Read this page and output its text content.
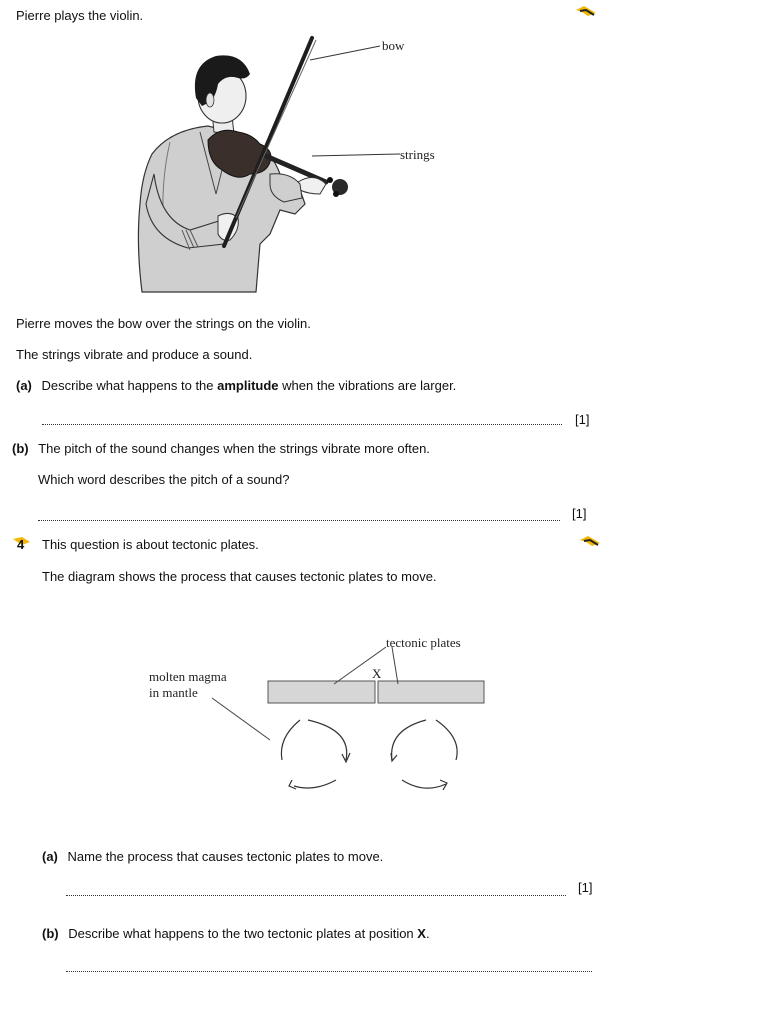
Pierre plays the violin.
bow
strings
Pierre moves the bow over the strings on the violin.
The strings vibrate and produce a sound.
(a) Describe what happens to the amplitude when the vibrations are larger.
[1]
(b) The pitch of the sound changes when the strings vibrate more often.
Which word describes the pitch of a sound?
[1]
4 This question is about tectonic plates.
The diagram shows the process that causes tectonic plates to move.
tectonic plates
X
molten magma
in mantle
(a) Name the process that causes tectonic plates to move.
[1]
(b) Describe what happens to the two tectonic plates at position X.
